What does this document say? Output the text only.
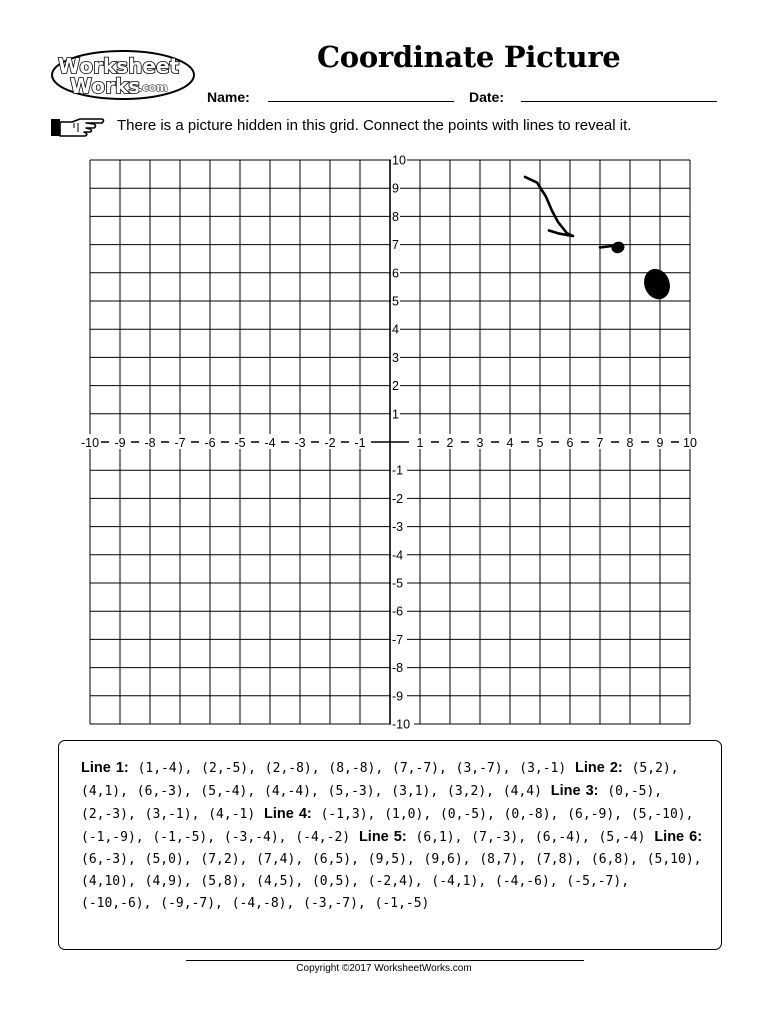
Worksheet
Works
.com
Coordinate Picture
Name:	Date:
There is a picture hidden in this grid. Connect the points with lines to reveal it.
-10 -9 -8 -7 -6 -5 -4 -3 -2 -1	1 2 3 4 5 6 7 8 9 10
10
9
8
7
6
5
4
3
2
1
-1
-2
-3
-4
-5
-6
-7
-8
-9
-10
Line 1: (1,-4), (2,-5), (2,-8), (8,-8), (7,-7), (3,-7), (3,-1) Line 2: (5,2), (4,1), (6,-3), (5,-4), (4,-4), (5,-3), (3,1), (3,2), (4,4) Line 3: (0,-5), (2,-3), (3,-1), (4,-1) Line 4: (-1,3), (1,0), (0,-5), (0,-8), (6,-9), (5,-10), (-1,-9), (-1,-5), (-3,-4), (-4,-2) Line 5: (6,1), (7,-3), (6,-4), (5,-4) Line 6: (6,-3), (5,0), (7,2), (7,4), (6,5), (9,5), (9,6), (8,7), (7,8), (6,8), (5,10), (4,10), (4,9), (5,8), (4,5), (0,5), (-2,4), (-4,1), (-4,-6), (-5,-7), (-10,-6), (-9,-7), (-4,-8), (-3,-7), (-1,-5)
Copyright ©2017 WorksheetWorks.com
